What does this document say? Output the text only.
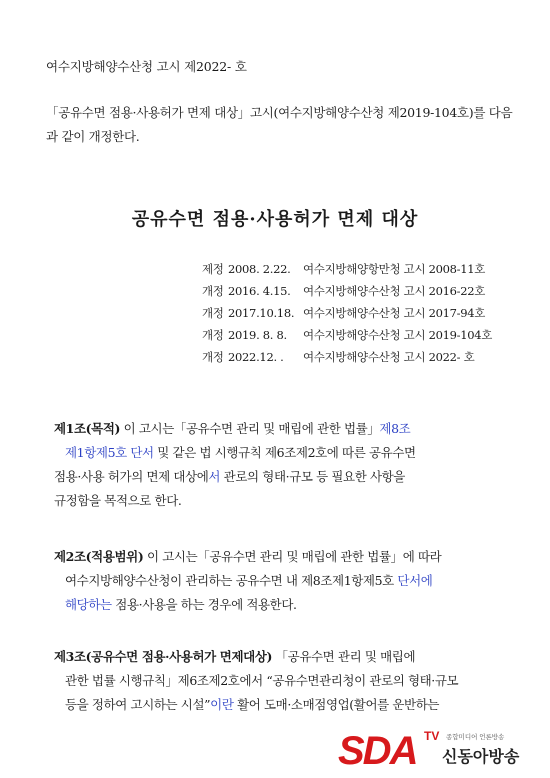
여수지방해양수산청 고시 제2022- 호
「공유수면 점용·사용허가 면제 대상」고시(여수지방해양수산청 제2019-104호)를 다음과 같이 개정한다.
공유수면 점용·사용허가 면제 대상
제정 2008. 2.22. 여수지방해양항만청 고시 2008-11호
개정 2016. 4.15. 여수지방해양수산청 고시 2016-22호
개정 2017.10.18. 여수지방해양수산청 고시 2017-94호
개정 2019. 8. 8. 여수지방해양수산청 고시 2019-104호
개정 2022.12. . 여수지방해양수산청 고시 2022- 호
제1조(목적) 이 고시는「공유수면 관리 및 매립에 관한 법률」제8조
제1항제5호 단서 및 같은 법 시행규칙 제6조제2호에 따른 공유수면
점용·사용 허가의 면제 대상에서 관로의 형태·규모 등 필요한 사항을
규정함을 목적으로 한다.
제2조(적용범위) 이 고시는「공유수면 관리 및 매립에 관한 법률」에 따라
여수지방해양수산청이 관리하는 공유수면 내 제8조제1항제5호 단서에
해당하는 점용·사용을 하는 경우에 적용한다.
제3조(공유수면 점용·사용허가 면제대상) 「공유수면 관리 및 매립에
관한 법률 시행규칙」제6조제2호에서 “공유수면관리청이 관로의 형태·규모
등을 정하여 고시하는 시설”이란 활어 도매·소매점영업(활어를 운반하는
SDA TV 종합미디어 언론방송
신동아방송
